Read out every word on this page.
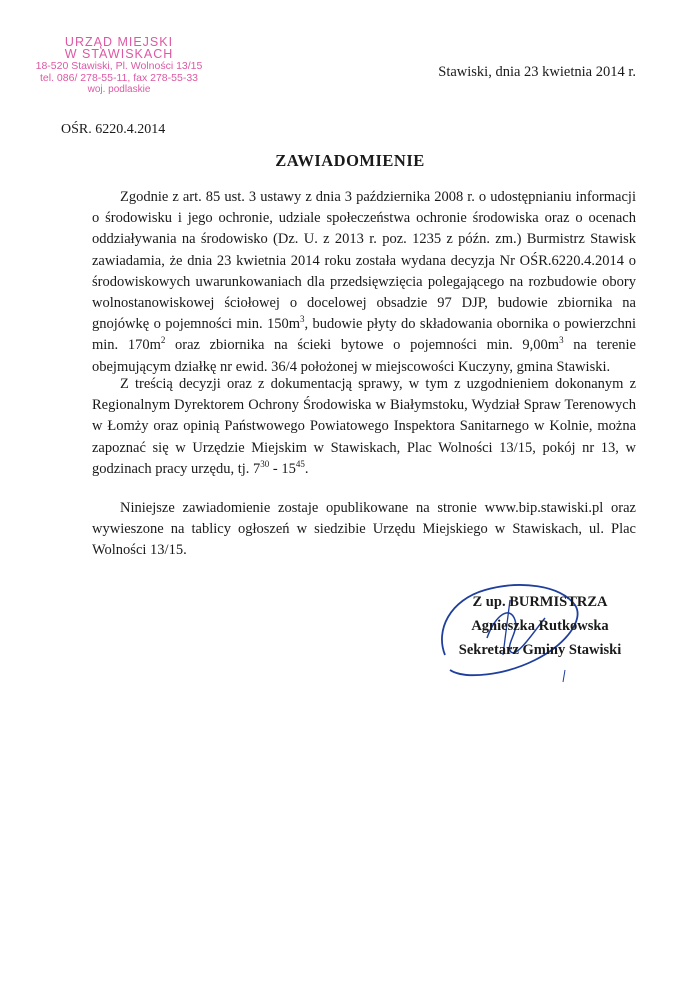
URZĄD MIEJSKI
W STAWISKACH
18-520 Stawiski, Pl. Wolności 13/15
tel. 086/ 278-55-11, fax 278-55-33
woj. podlaskie
Stawiski, dnia 23 kwietnia 2014 r.
OŚR. 6220.4.2014
ZAWIADOMIENIE

Zgodnie z art. 85 ust. 3 ustawy z dnia 3 października 2008 r. o udostępnianiu informacji o środowisku i jego ochronie, udziale społeczeństwa ochronie środowiska oraz o ocenach oddziaływania na środowisko (Dz. U. z 2013 r. poz. 1235 z późn. zm.) Burmistrz Stawisk zawiadamia, że dnia 23 kwietnia 2014 roku została wydana decyzja Nr OŚR.6220.4.2014 o środowiskowych uwarunkowaniach dla przedsięwzięcia polegającego na rozbudowie obory wolnostanowiskowej ściołowej o docelowej obsadzie 97 DJP, budowie zbiornika na gnojówkę o pojemności min. $150m^3$, budowie płyty do składowania obornika o powierzchni min. $170m^2$ oraz zbiornika na ścieki bytowe o pojemności min. $9,00m^3$ na terenie obejmującym działkę nr ewid. 36/4 położonej w miejscowości Kuczyny, gmina Stawiski.

Z treścią decyzji oraz z dokumentacją sprawy, w tym z uzgodnieniem dokonanym z Regionalnym Dyrektorem Ochrony Środowiska w Białymstoku, Wydział Spraw Terenowych w Łomży oraz opinią Państwowego Powiatowego Inspektora Sanitarnego w Kolnie, można zapoznać się w Urzędzie Miejskim w Stawiskach, Plac Wolności 13/15, pokój nr 13, w godzinach pracy urzędu, tj. $7^{30} - 15^{45}$.

Niniejsze zawiadomienie zostaje opublikowane na stronie www.bip.stawiski.pl oraz wywieszone na tablicy ogłoszeń w siedzibie Urzędu Miejskiego w Stawiskach, ul. Plac Wolności 13/15.

Z up. BURMISTRZA
Agnieszka Rutkowska
Sekretarz Gminy Stawiski
